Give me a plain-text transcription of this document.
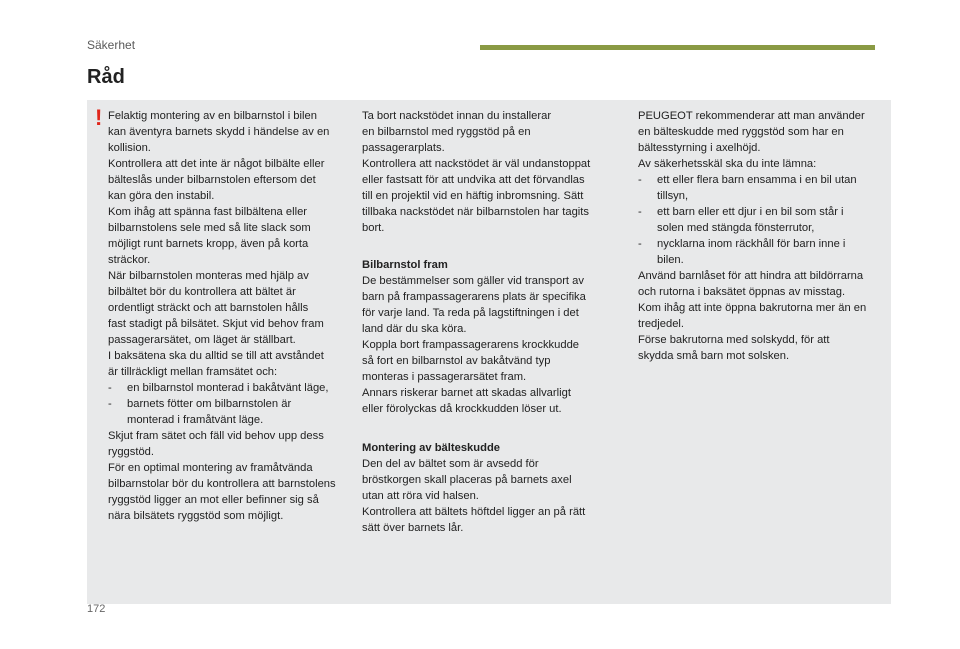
Säkerhet
Råd
! Felaktig montering av en bilbarnstol i bilen
kan äventyra barnets skydd i händelse av en
kollision.

Kontrollera att det inte är något bilbälte eller
bälteslås under bilbarnstolen eftersom det
kan göra den instabil.

Kom ihåg att spänna fast bilbältena eller
bilbarnstolens sele med så lite slack som
möjligt runt barnets kropp, även på korta
sträckor.

När bilbarnstolen monteras med hjälp av
bilbältet bör du kontrollera att bältet är
ordentligt sträckt och att barnstolen hålls
fast stadigt på bilsätet. Skjut vid behov fram
passagerarsätet, om läget är ställbart.

I baksätena ska du alltid se till att avståndet
är tillräckligt mellan framsätet och:

- en bilbarnstol monterad i bakåtvänt läge,
- barnets fötter om bilbarnstolen är
monterad i framåtvänt läge.

Skjut fram sätet och fäll vid behov upp dess
ryggstöd.

För en optimal montering av framåtvända
bilbarnstolar bör du kontrollera att barnstolens
ryggstöd ligger an mot eller befinner sig så
nära bilsätets ryggstöd som möjligt.

Ta bort nackstödet innan du installerar
en bilbarnstol med ryggstöd på en
passagerarplats.

Kontrollera att nackstödet är väl undanstoppat
eller fastsatt för att undvika att det förvandlas
till en projektil vid en häftig inbromsning. Sätt
tillbaka nackstödet när bilbarnstolen har tagits
bort.

Bilbarnstol fram

De bestämmelser som gäller vid transport av
barn på frampassagerarens plats är specifika
för varje land. Ta reda på lagstiftningen i det
land där du ska köra.

Koppla bort frampassagerarens krockkudde
så fort en bilbarnstol av bakåtvänd typ
monteras i passagerarsätet fram.

Annars riskerar barnet att skadas allvarligt
eller förolyckas då krockkudden löser ut.

Montering av bälteskudde

Den del av bältet som är avsedd för
bröstkorgen skall placeras på barnets axel
utan att röra vid halsen.

Kontrollera att bältets höftdel ligger an på rätt
sätt över barnets lår.

PEUGEOT rekommenderar att man använder
en bälteskudde med ryggstöd som har en
bältesstyrning i axelhöjd.

Av säkerhetsskäl ska du inte lämna:

- ett eller flera barn ensamma i en bil utan
tillsyn,
- ett barn eller ett djur i en bil som står i
solen med stängda fönsterrutor,
- nycklarna inom räckhåll för barn inne i
bilen.

Använd barnlåset för att hindra att bildörrarna
och rutorna i baksätet öppnas av misstag.

Kom ihåg att inte öppna bakrutorna mer än en
tredjedel.

Förse bakrutorna med solskydd, för att
skydda små barn mot solsken.

172
